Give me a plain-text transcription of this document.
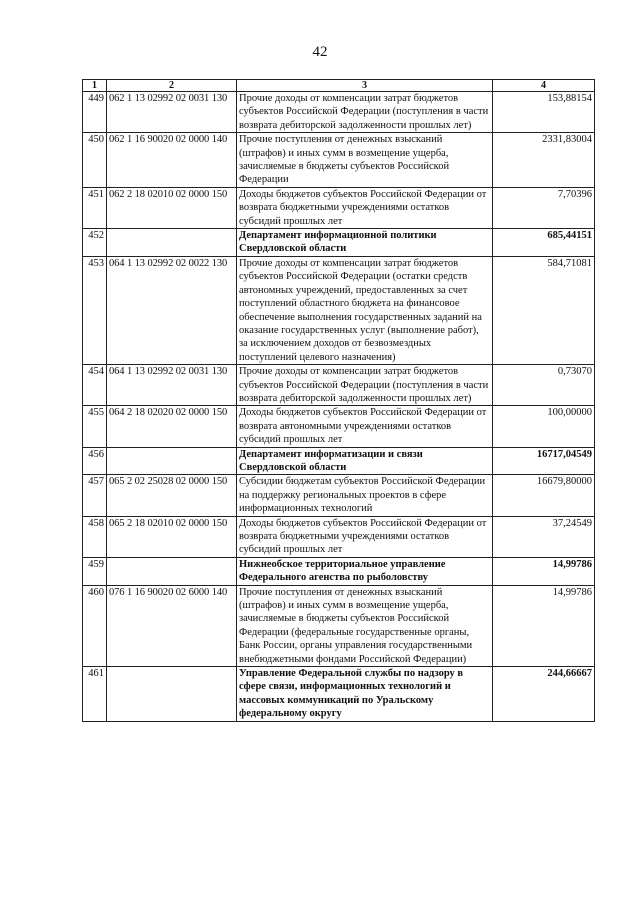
42
1	2	3	4
449	062 1 13 02992 02 0031 130	Прочие доходы от компенсации затрат бюджетов субъектов Российской Федерации (поступления в части возврата дебиторской задолженности прошлых лет)	153,88154
450	062 1 16 90020 02 0000 140	Прочие поступления от денежных взысканий (штрафов) и иных сумм в возмещение ущерба, зачисляемые в бюджеты субъектов Российской Федерации	2331,83004
451	062 2 18 02010 02 0000 150	Доходы бюджетов субъектов Российской Федерации от возврата бюджетными учреждениями остатков субсидий прошлых лет	7,70396
452		Департамент информационной политики Свердловской области	685,44151
453	064 1 13 02992 02 0022 130	Прочие доходы от компенсации затрат бюджетов субъектов Российской Федерации (остатки средств автономных учреждений, предоставленных за счет поступлений областного бюджета на финансовое обеспечение выполнения государственных заданий на оказание государственных услуг (выполнение работ), за исключением доходов от безвозмездных поступлений целевого назначения)	584,71081
454	064 1 13 02992 02 0031 130	Прочие доходы от компенсации затрат бюджетов субъектов Российской Федерации (поступления в части возврата дебиторской задолженности прошлых лет)	0,73070
455	064 2 18 02020 02 0000 150	Доходы бюджетов субъектов Российской Федерации от возврата автономными учреждениями остатков субсидий прошлых лет	100,00000
456		Департамент информатизации и связи Свердловской области	16717,04549
457	065 2 02 25028 02 0000 150	Субсидии бюджетам субъектов Российской Федерации на поддержку региональных проектов в сфере информационных технологий	16679,80000
458	065 2 18 02010 02 0000 150	Доходы бюджетов субъектов Российской Федерации от возврата бюджетными учреждениями остатков субсидий прошлых лет	37,24549
459		Нижнеобское территориальное управление Федерального агенства по рыболовству	14,99786
460	076 1 16 90020 02 6000 140	Прочие поступления от денежных взысканий (штрафов) и иных сумм в возмещение ущерба, зачисляемые в бюджеты субъектов Российской Федерации (федеральные государственные органы, Банк России, органы управления государственными внебюджетными фондами Российской Федерации)	14,99786
461		Управление Федеральной службы по надзору в сфере связи, информационных технологий и массовых коммуникаций по Уральскому федеральному округу	244,66667
